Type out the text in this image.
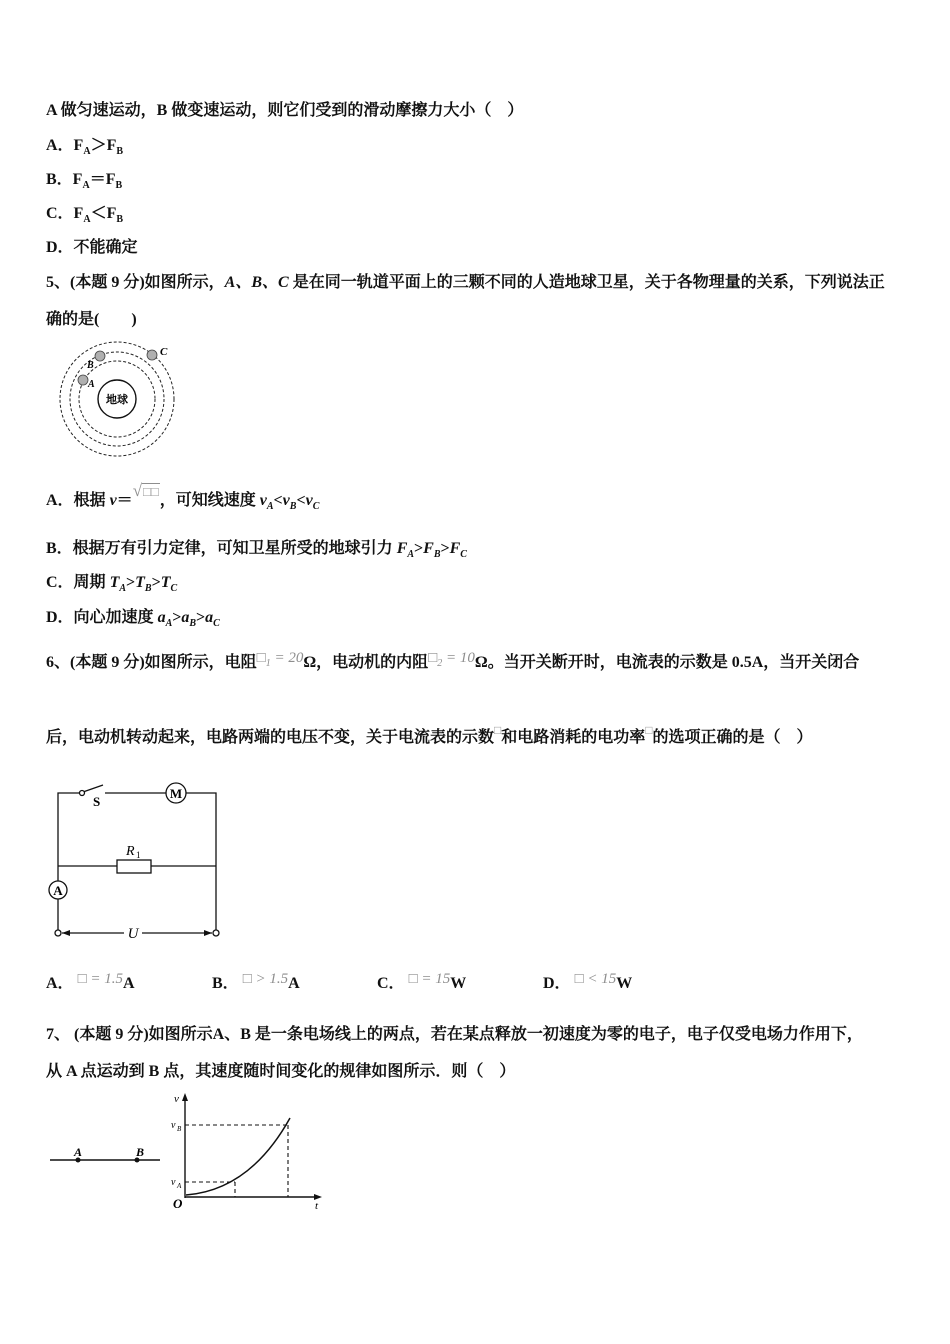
A 做匀速运动，B 做变速运动，则它们受到的滑动摩擦力大小（　）
A．$F_A>F_B$
B．$F_A=F_B$
C．$F_A<F_B$
D．不能确定
5、(本题 9 分)如图所示，A、B、C 是在同一轨道平面上的三颗不同的人造地球卫星，关于各物理量的关系，下列说法正
确的是(　　)
地球
A
B
C
A．根据 v＝√□□，可知线速度 $v_A<v_B<v_C$
B．根据万有引力定律，可知卫星所受的地球引力 $F_A>F_B>F_C$
C．周期 $T_A>T_B>T_C$
D．向心加速度 $a_A>a_B>a_C$
6、(本题 9 分)如图所示，电阻□1 = 20Ω，电动机的内阻□2 = 10Ω。当开关断开时，电流表的示数是 0.5A，当开关闭合
后，电动机转动起来，电路两端的电压不变，关于电流表的示数□和电路消耗的电功率□的选项正确的是（　）
S
M
R 1
A
U
A． □ = 1.5A	B． □ > 1.5A	C． □ = 15W	D． □ < 15W
7、 (本题 9 分)如图所示A、B 是一条电场线上的两点，若在某点释放一初速度为零的电子，电子仅受电场力作用下，
从 A 点运动到 B 点，其速度随时间变化的规律如图所示．则（　）
A	B
v
v B
v A
O	t
